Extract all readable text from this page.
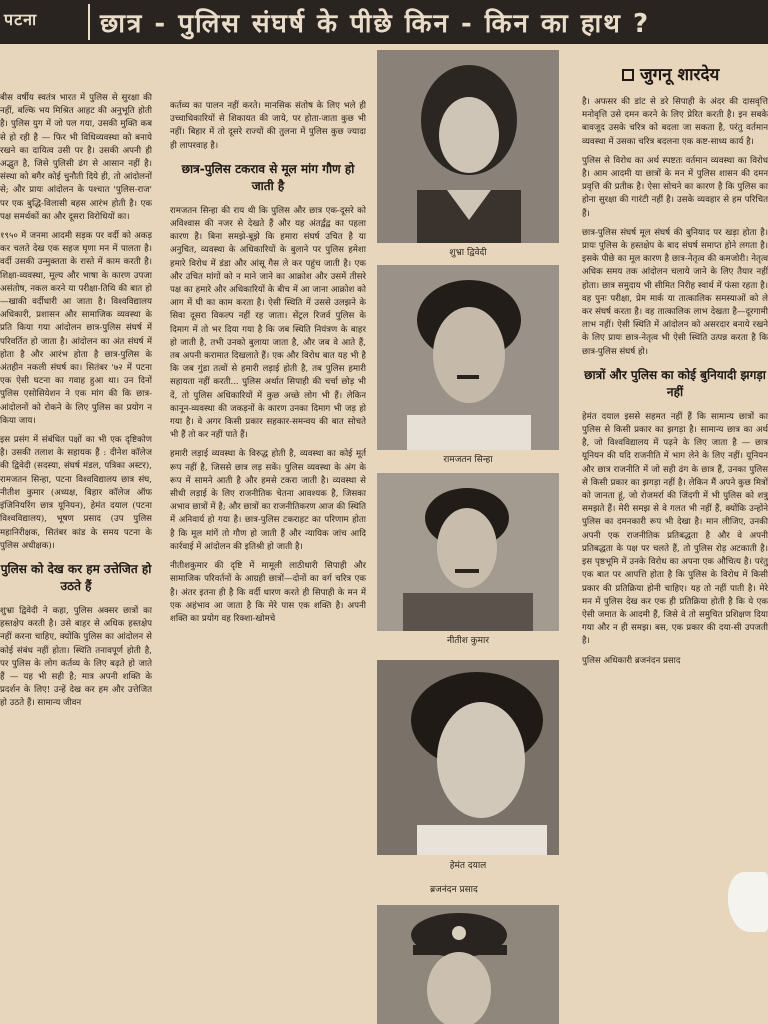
पटना छात्र - पुलिस संघर्ष के पीछे किन - किन का हाथ ?
जुगनू शारदेय

बीस वर्षीय स्वतंत्र भारत में पुलिस से सुरक्षा की नहीं, बल्कि भय मिश्रित आहट की अनुभूति होती है। पुलिस युग में जो पल गया, उसकी मुक्ति कब से हो रही है — फिर भी विधिव्यवस्था को बनाये रखने का दायित्व उसी पर है। उसकी अपनी ही अद्भुत है, जिसे पुलिसी ढंग से आसान नहीं है। संस्था को बगैर कोई चुनौती दिये ही, तो आंदोलनों से; और प्रायः आंदोलन के पश्चात 'पुलिस-राज' पर एक बुद्धि-विलासी बहस आरंभ होती है। एक पक्ष समर्थकों का और दूसरा विरोधियों का।

१९५० में जनमा आदमी सड़क पर वर्दी को अकड़ कर चलते देख एक सहज घृणा मन में पालता है। वर्दी उसकी उन्मुक्तता के रास्ते में काम करती है। शिक्षा-व्यवस्था, मूल्य और भाषा के कारण उपजा असंतोष, नकल करने या परीक्षा-तिथि की बात हो—खाकी वर्दीधारी आ जाता है। विश्वविद्यालय अधिकारी, प्रशासन और सामाजिक व्यवस्था के प्रति किया गया आंदोलन छात्र-पुलिस संघर्ष में परिवर्तित हो जाता है। आंदोलन का अंत संघर्ष में होता है और आरंभ होता है छात्र-पुलिस के अंतहीन नकली संघर्ष का। सितंबर '७२ में पटना एक ऐसी घटना का गवाह हुआ था। उन दिनों पुलिस एसोसियेशन ने एक मांग की कि छात्र-आंदोलनों को रोकने के लिए पुलिस का प्रयोग न किया जाय।

इस प्रसंग में संबंधित पक्षों का भी एक दृष्टिकोण है। उसकी तलाश के सहायक हैं : दीनेश कॉलेज की द्विवेदी (सदस्या, संघर्ष मंडल, पत्रिका अस्टर), रामजतन सिन्हा, पटना विश्वविद्यालय छात्र संघ, नीतीश कुमार (अध्यक्ष, बिहार कॉलेज ऑफ इंजिनियरिंग छात्र यूनियन), हेमंत दयाल (पटना विश्वविद्यालय), भूषण प्रसाद (उप पुलिस महानिरीक्षक, सितंबर कांड के समय पटना के पुलिस अधीक्षक)।

पुलिस को देख कर हम उत्तेजित हो उठते हैं

शुभ्रा द्विवेदी ने कहा, पुलिस अक्सर छात्रों का हस्तक्षेप करती है। उसे बाहर से अधिक हस्तक्षेप नहीं करना चाहिए, क्योंकि पुलिस का आंदोलन से कोई संबंध नहीं होता। स्थिति तनावपूर्ण होती है, पर पुलिस के लोग कर्तव्य के लिए बढ़ते हो जाते हैं — यह भी सही है; मात्र अपनी शक्ति के प्रदर्शन के लिए! उन्हें देख कर हम और उत्तेजित हो उठते हैं। सामान्य जीवन

कर्तव्य का पालन नहीं करते। मानसिक संतोष के लिए भले ही उच्चाधिकारियों से शिकायत की जाये, पर होता-जाता कुछ भी नहीं। बिहार में तो दूसरे राज्यों की तुलना में पुलिस कुछ ज्यादा ही लापरवाह है।

छात्र-पुलिस टकराव से मूल मांग गौण हो जाती है

रामजतन सिन्हा की राय थी कि पुलिस और छात्र एक-दूसरे को अविश्वास की नजर से देखते हैं और यह अंतर्द्वंद्व का पहला कारण है। बिना समझे-बूझे कि हमारा संघर्ष उचित है या अनुचित, व्यवस्था के अधिकारियों के बुलाने पर पुलिस हमेशा हमारे विरोध में डंडा और आंसू गैस ले कर पहुंच जाती है। एक और उचित मांगों को न माने जाने का आक्रोश और उसमें तीसरे पक्ष का हमारे और अधिकारियों के बीच में आ जाना आक्रोश को आग में घी का काम करता है। ऐसी स्थिति में उससे उलझने के सिवा दूसरा विकल्प नहीं रह जाता। सेंट्रल रिजर्व पुलिस के दिमाग में तो भर दिया गया है कि जब स्थिति नियंत्रण के बाहर हो जाती है, तभी उनको बुलाया जाता है, और जब वे आते हैं, तब अपनी करामात दिखलाते हैं। एक और विरोध बात यह भी है कि जब गुंडा तत्वों से हमारी लड़ाई होती है, तब पुलिस हमारी सहायता नहीं करती... पुलिस अर्थात सिपाही की चर्चा छोड़ भी दें, तो पुलिस अधिकारियों में कुछ अच्छे लोग भी हैं। लेकिन कानून-व्यवस्था की जकड़नों के कारण उनका दिमाग भी जड़ हो गया है। वे अगर किसी प्रकार सहकार-समन्वय की बात सोचते भी हैं तो कर नहीं पाते हैं।

हमारी लड़ाई व्यवस्था के विरुद्ध होती है, व्यवस्था का कोई मूर्त रूप नहीं है, जिससे छात्र लड़ सकें। पुलिस व्यवस्था के अंग के रूप में सामने आती है और हमसे टकरा जाती है। व्यवस्था से सीधी लड़ाई के लिए राजनीतिक चेतना आवश्यक है, जिसका अभाव छात्रों में है; और छात्रों का राजनीतिकरण आज की स्थिति में अनिवार्य हो गया है। छात्र-पुलिस टकराहट का परिणाम होता है कि मूल मांगें तो गौण हो जाती हैं और न्यायिक जांच आदि कार्रवाई में आंदोलन की इतिश्री हो जाती है।

नीतीशकुमार की दृष्टि में मामूली लाठीधारी सिपाही और सामाजिक परिवर्तनों के आग्रही छात्रों—दोनों का वर्ग चरित्र एक है। अंतर इतना ही है कि वर्दी धारण करते ही सिपाही के मन में एक अहंभाव आ जाता है कि मेरे पास एक शक्ति है। अपनी शक्ति का प्रयोग वह रिक्शा-खोमचे

शुभ्रा द्विवेदी
रामजतन सिन्हा
नीतीश कुमार
हेमंत दयाल
ब्रजनंदन प्रसाद

है। अफसर की डांट से डरे सिपाही के अंदर की दासवृत्ति मनोवृत्ति उसे दमन करने के लिए प्रेरित करती है। इन सबके बावजूद उसके चरित्र को बदला जा सकता है, परंतु वर्तमान व्यवस्था में उसका चरित्र बदलना एक कष्ट-साध्य कार्य है।

पुलिस से विरोध का अर्थ स्पष्टतः वर्तमान व्यवस्था का विरोध है। आम आदमी या छात्रों के मन में पुलिस शासन की दमन प्रवृत्ति की प्रतीक है। ऐसा सोचने का कारण है कि पुलिस का होना सुरक्षा की गारंटी नहीं है। उसके व्यवहार से हम परिचित हैं।

छात्र-पुलिस संघर्ष मूल संघर्ष की बुनियाद पर खड़ा होता है। प्रायः पुलिस के हस्तक्षेप के बाद संघर्ष समाप्त होने लगता है। इसके पीछे का मूल कारण है छात्र-नेतृत्व की कमजोरी। नेतृत्व अधिक समय तक आंदोलन चलाये जाने के लिए तैयार नहीं होता। छात्र समुदाय भी सीमित निरीह स्वार्थ में फंसा रहता है। वह पुनः परीक्षा, प्रेम मार्क या तात्कालिक समस्याओं को ले कर संघर्ष करता है। वह तात्कालिक लाभ देखता है—दूरगामी लाभ नहीं। ऐसी स्थिति में आंदोलन को असरदार बनाये रखने के लिए प्रायः छात्र-नेतृत्व भी ऐसी स्थिति उत्पन्न करता है कि छात्र-पुलिस संघर्ष हो।

छात्रों और पुलिस का कोई बुनियादी झगड़ा नहीं

हेमंत दयाल इससे सहमत नहीं हैं कि सामान्य छात्रों का पुलिस से किसी प्रकार का झगड़ा है। सामान्य छात्र का अर्थ है, जो विश्वविद्यालय में पढ़ने के लिए जाता है — छात्र यूनियन की यदि राजनीति में भाग लेने के लिए नहीं। यूनियन और छात्र राजनीति में जो सही ढंग के छात्र हैं, उनका पुलिस से किसी प्रकार का झगड़ा नहीं है। लेकिन मैं अपने कुछ मित्रों को जानता हूं, जो रोजमर्रा की जिंदगी में भी पुलिस को शत्रु समझते हैं। मेरी समझ से वे गलत भी नहीं हैं, क्योंकि उन्होंने पुलिस का दमनकारी रूप भी देखा है। मान लीजिए, उनकी अपनी एक राजनीतिक प्रतिबद्धता है और वे अपनी प्रतिबद्धता के पक्ष पर चलते हैं, तो पुलिस रोड़ अटकाती है। इस पृष्ठभूमि में उनके विरोध का अपना एक औचित्य है। परंतु एक बात पर आपत्ति होता है कि पुलिस के विरोध में किसी प्रकार की प्रतिक्रिया होनी चाहिए। यह तो नहीं पाती है। मेरे मन में पुलिस देख कर एक ही प्रतिक्रिया होती है कि ये एक ऐसी जमात के आदमी हैं, जिसे वे तो समुचित प्रशिक्षण दिया गया और न ही समझ। बस, एक प्रकार की दया-सी उपजती है।

पुलिस अधिकारी ब्रजनंदन प्रसाद
